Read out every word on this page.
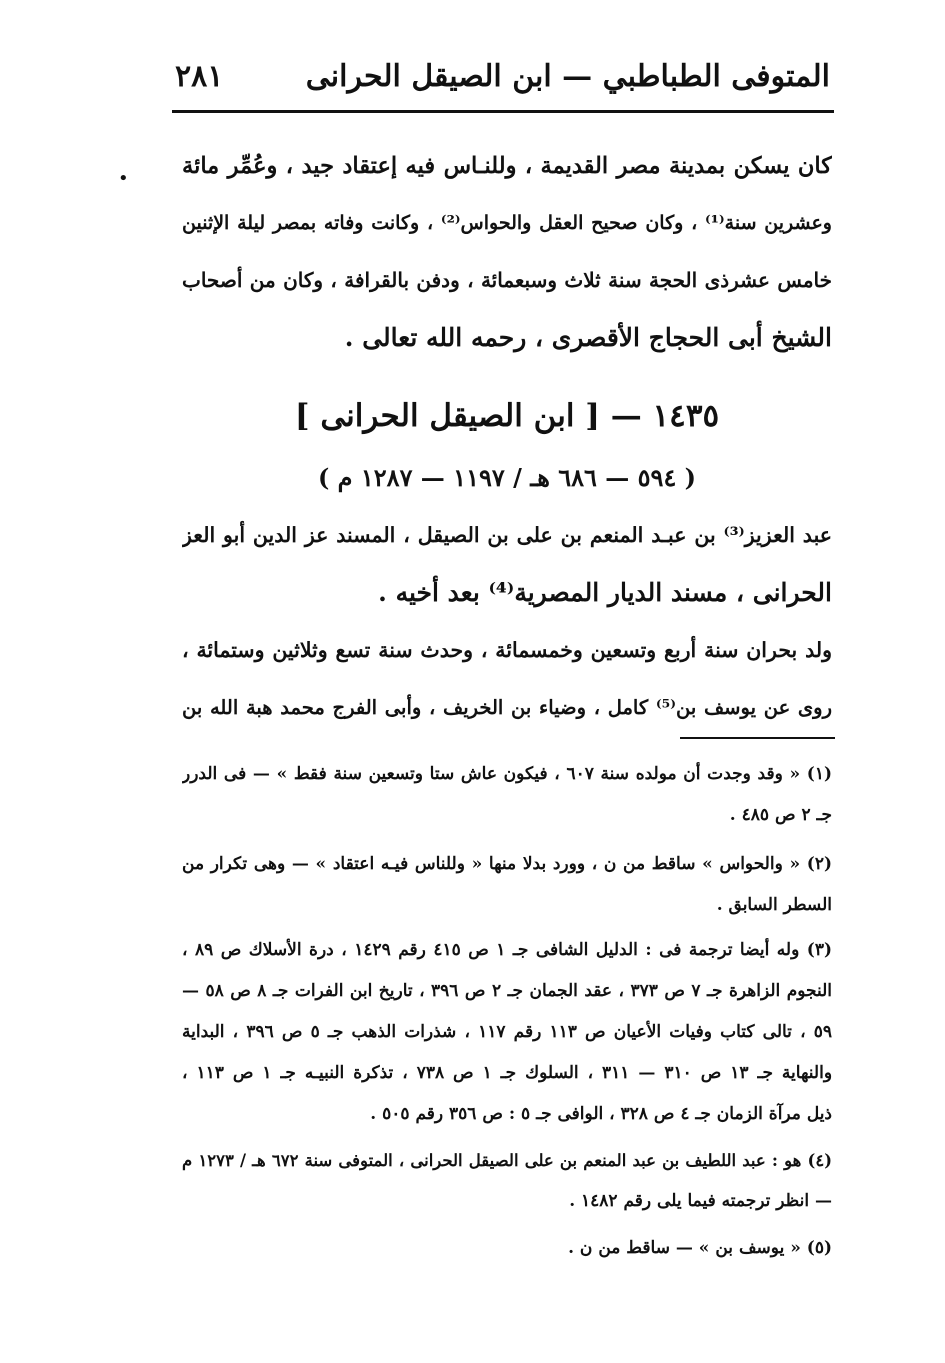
المتوفى الطباطبي — ابن الصيقل الحرانى
٢٨١
• كان يسكن بمدينة مصر القديمة ، وللنـاس فيه إعتقاد جيد ، وعُمِّر مائة
وعشرين سنة⁽¹⁾ ، وكان صحيح العقل والحواس⁽²⁾ ، وكانت وفاته بمصر ليلة الإثنين
خامس عشرذى الحجة سنة ثلاث وسبعمائة ، ودفن بالقرافة ، وكان من أصحاب
الشيخ أبى الحجاج الأقصرى ، رحمه الله تعالى .
١٤٣٥ — [ ابن الصيقل الحرانى ]
( ٥٩٤ — ٦٨٦ هـ / ١١٩٧ — ١٢٨٧ م )
عبد العزيز⁽³⁾ بن عبـد المنعم بن على بن الصيقل ، المسند عز الدين أبو العز
الحرانى ، مسند الديار المصرية⁽⁴⁾ بعد أخيه .
ولد بحران سنة أربع وتسعين وخمسمائة ، وحدث سنة تسع وثلاثين وستمائة ،
روى عن يوسف بن⁽⁵⁾ كامل ، وضياء بن الخريف ، وأبى الفرج محمد هبة الله بن
(١) « وقد وجدت أن مولده سنة ٦٠٧ ، فيكون عاش ستا وتسعين سنة فقط » — فى الدرر
جـ ٢ ص ٤٨٥ .
(٢) « والحواس » ساقط من ن ، وورد بدلا منها « وللناس فيـه اعتقاد » — وهى تكرار من
السطر السابق .
(٣) وله أيضا ترجمة فى : الدليل الشافى جـ ١ ص ٤١٥ رقم ١٤٢٩ ، درة الأسلاك ص ٨٩ ،
النجوم الزاهرة جـ ٧ ص ٣٧٣ ، عقد الجمان جـ ٢ ص ٣٩٦ ، تاريخ ابن الفرات جـ ٨ ص ٥٨ —
٥٩ ، تالى كتاب وفيات الأعيان ص ١١٣ رقم ١١٧ ، شذرات الذهب جـ ٥ ص ٣٩٦ ، البداية
والنهاية جـ ١٣ ص ٣١٠ — ٣١١ ، السلوك جـ ١ ص ٧٣٨ ، تذكرة النبيـه جـ ١ ص ١١٣ ،
ذيل مرآة الزمان جـ ٤ ص ٣٢٨ ، الوافى جـ ٥ : ص ٣٥٦ رقم ٥٠٥ .
(٤) هو : عبد اللطيف بن عبد المنعم بن على الصيقل الحرانى ، المتوفى سنة ٦٧٢ هـ / ١٢٧٣ م
— انظر ترجمته فيما يلى رقم ١٤٨٢ .
(٥) « يوسف بن » — ساقط من ن .
